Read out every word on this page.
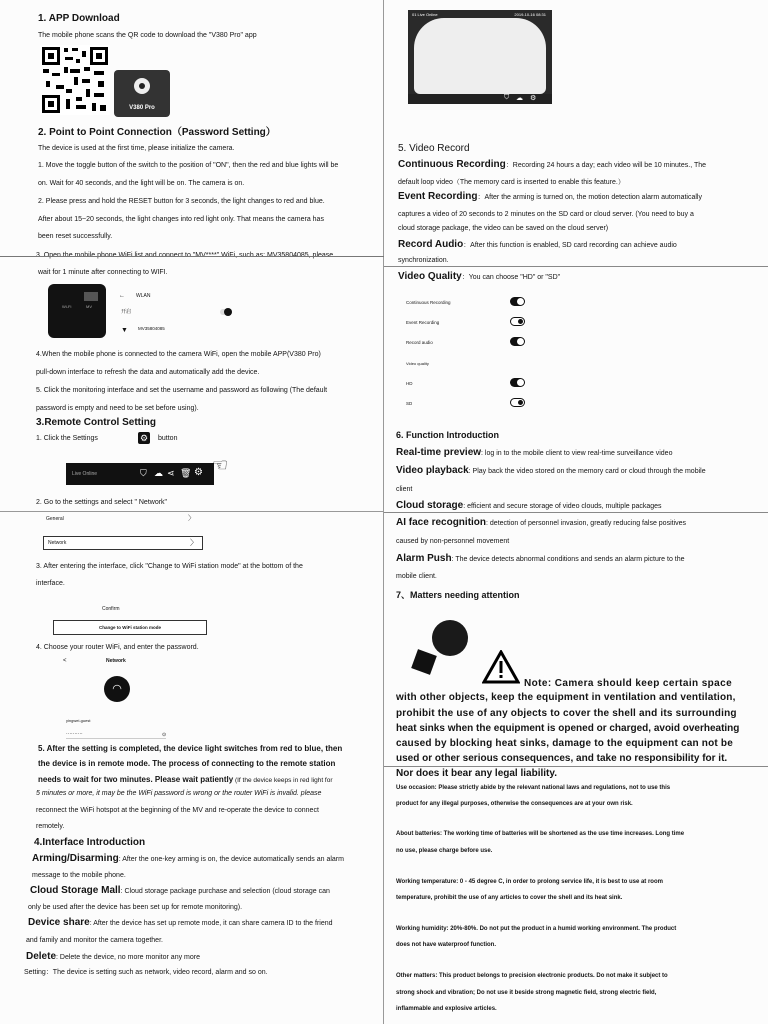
1. APP Download
The mobile phone scans the QR code to download the "V380 Pro" app
V380 Pro
2. Point to Point Connection（Password Setting）
The device is used at the first time, please initialize the camera.
1. Move the toggle button of the switch to the position of "ON", then the red and blue lights will be
on. Wait for 40 seconds, and the light will be on. The camera is on.
2. Please press and hold the RESET button for 3 seconds, the light changes to red and blue.
After about 15~20 seconds, the light changes into red light only. That means the camera has
been reset successfully.
wait for 1 minute after connecting to WIFI.
Wi-Fi	MV
← WLAN
开启
▼ MV35804085
4.When the mobile phone is connected to the camera WiFi, open the mobile APP(V380 Pro)
pull-down interface to refresh the data and automatically add the device.
5. Click the monitoring interface and set the username and password as following (The default
password is empty and need to be set before using).
3.Remote Control Setting
1. Click the Settings	⚙ button
Live Online	⛉ ☁ ⋖ 🗑 ⚙ ☜
2. Go to the settings and select " Network"
General	〉
Network	〉
3. After entering the interface, click "Change to WiFi station mode" at the bottom of the
interface.
Confirm
Change to WiFi station mode
4. Choose your router WiFi, and enter the password.
<	Network
◠
yingwei-guest
··········	⊙
5. After the setting is completed, the device light switches from red to blue, then
the device is in remote mode. The process of connecting to the remote station
needs to wait for two minutes. Please wait patiently (If the device keeps in red light for
5 minutes or more, it may be the WiFi password is wrong or the router WiFi is invalid. please
reconnect the WiFi hotspot at the beginning of the MV and re-operate the device to connect
remotely.
4.Interface Introduction
Arming/Disarming: After the one-key arming is on, the device automatically sends an alarm
message to the mobile phone.
Cloud Storage Mall: Cloud storage package purchase and selection (cloud storage can
only be used after the device has been set up for remote monitoring).
Device share: After the device has set up remote mode, it can share camera ID to the friend
and family and monitor the camera together.
Delete: Delete the device, no more monitor any more
Setting：The device is setting such as network, video record, alarm and so on.
01 Live Online	2019-10-16 08:31
⛉ ☁ ⚙
5. Video Record
Continuous Recording：Recording 24 hours a day; each video will be 10 minutes., The
default loop video（The memory card is inserted to enable this feature.）
Event Recording：After the arming is turned on, the motion detection alarm automatically
captures a video of 20 seconds to 2 minutes on the SD card or cloud server. (You need to buy a
cloud storage package, the video can be saved on the cloud server)
Record Audio：After this function is enabled, SD card recording can achieve audio
synchronization.
Video Quality：You can choose "HD" or "SD"
Continuous Recording
Event Recording
Record audio
Video quality
HD
SD
6. Function Introduction
Real-time preview: log in to the mobile client to view real-time surveillance video
Video playback: Play back the video stored on the memory card or cloud through the mobile
client
Cloud storage: efficient and secure storage of video clouds, multiple packages
AI face recognition: detection of personnel invasion, greatly reducing false positives
caused by non-personnel movement
Alarm Push: The device detects abnormal conditions and sends an alarm picture to the
mobile client.
7、Matters needing attention
Note: Camera should keep certain space
with other objects, keep the equipment in ventilation and ventilation,
prohibit the use of any objects to cover the shell and its surrounding
heat sinks when the equipment is opened or charged, avoid overheating
caused by blocking heat sinks, damage to the equipment can not be
used or other serious consequences, and take no responsibility for it.
Nor does it bear any legal liability.
Use occasion: Please strictly abide by the relevant national laws and regulations, not to use this
product for any illegal purposes, otherwise the consequences are at your own risk.
About batteries: The working time of batteries will be shortened as the use time increases. Long time
no use, please charge before use.
Working temperature: 0 - 45 degree C, in order to prolong service life, it is best to use at room
temperature, prohibit the use of any articles to cover the shell and its heat sink.
Working humidity: 20%-80%. Do not put the product in a humid working environment. The product
does not have waterproof function.
Other matters: This product belongs to precision electronic products. Do not make it subject to
strong shock and vibration; Do not use it beside strong magnetic field, strong electric field,
inflammable and explosive articles.
